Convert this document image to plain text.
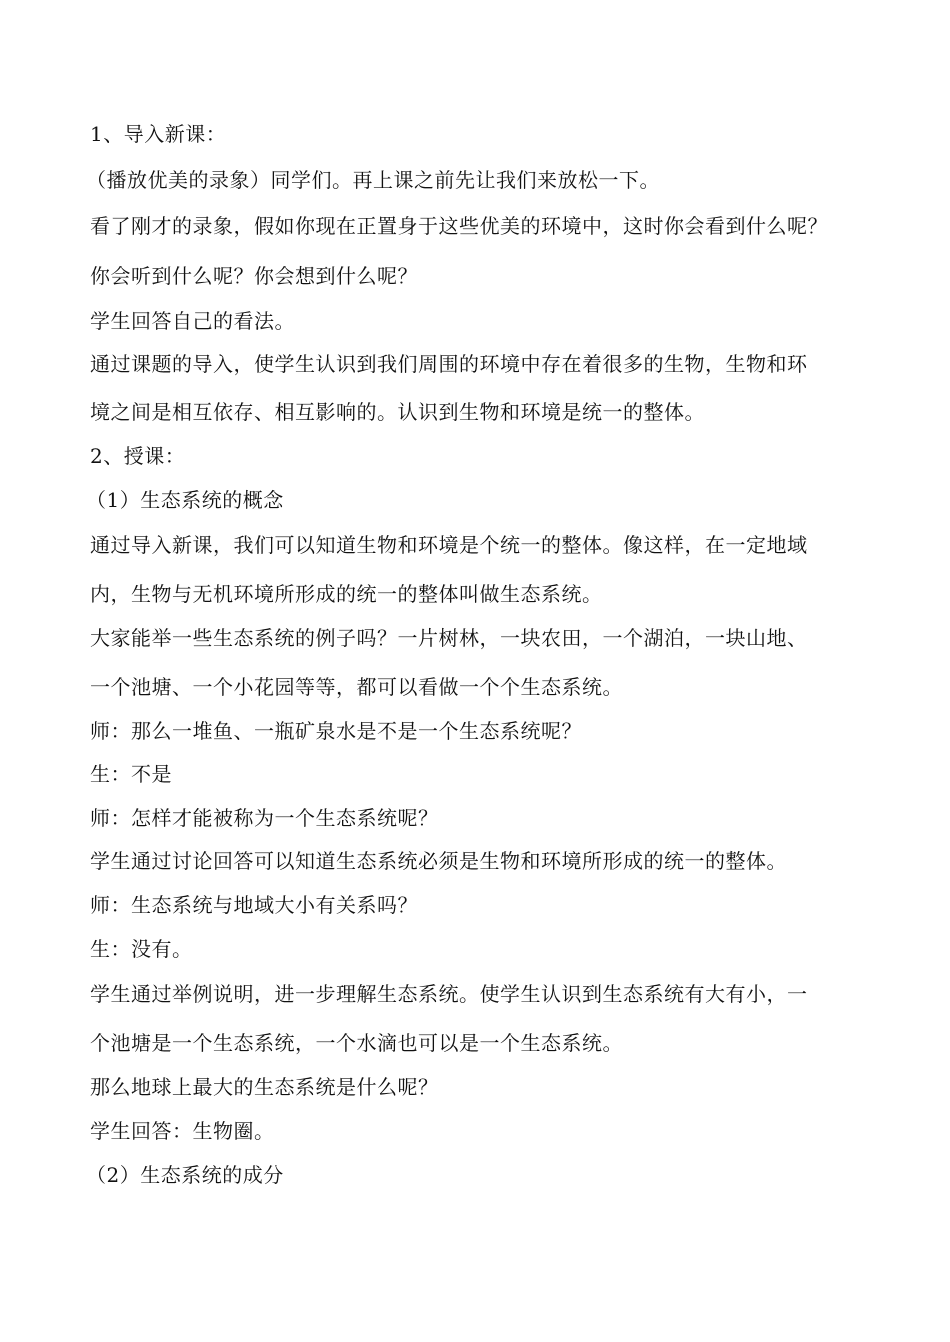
1、导入新课：

（播放优美的录象）同学们。再上课之前先让我们来放松一下。

看了刚才的录象，假如你现在正置身于这些优美的环境中，这时你会看到什么呢？

你会听到什么呢？你会想到什么呢？

学生回答自己的看法。

通过课题的导入，使学生认识到我们周围的环境中存在着很多的生物，生物和环

境之间是相互依存、相互影响的。认识到生物和环境是统一的整体。

2、授课：

（1）生态系统的概念

通过导入新课，我们可以知道生物和环境是个统一的整体。像这样，在一定地域

内，生物与无机环境所形成的统一的整体叫做生态系统。

大家能举一些生态系统的例子吗？一片树林，一块农田，一个湖泊，一块山地、

一个池塘、一个小花园等等，都可以看做一个个生态系统。

师：那么一堆鱼、一瓶矿泉水是不是一个生态系统呢？

生：不是

师：怎样才能被称为一个生态系统呢？

学生通过讨论回答可以知道生态系统必须是生物和环境所形成的统一的整体。

师：生态系统与地域大小有关系吗？

生：没有。

学生通过举例说明，进一步理解生态系统。使学生认识到生态系统有大有小，一

个池塘是一个生态系统，一个水滴也可以是一个生态系统。

那么地球上最大的生态系统是什么呢？

学生回答：生物圈。

（2）生态系统的成分
